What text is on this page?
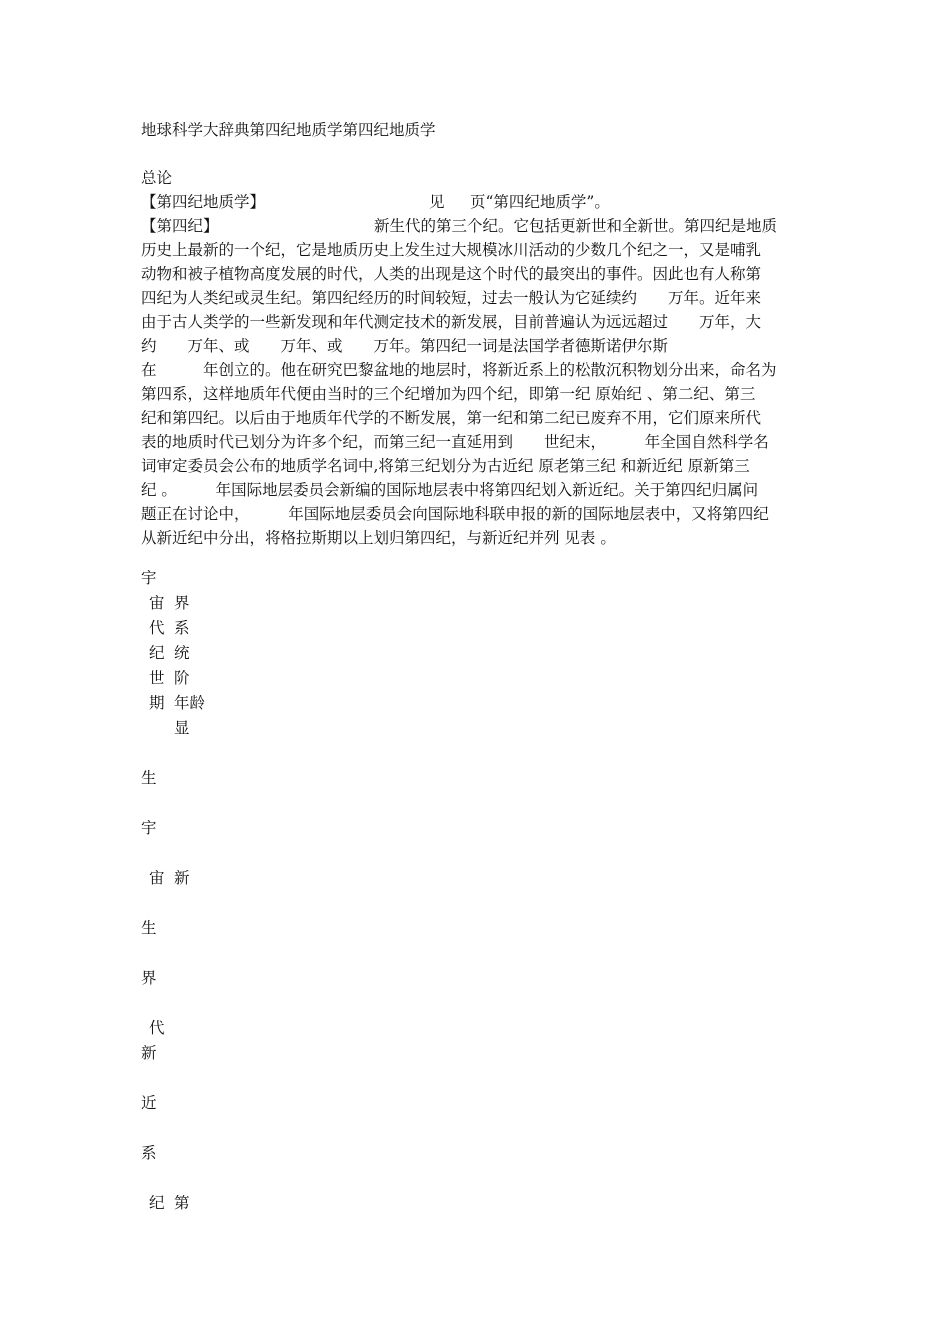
地球科学大辞典第四纪地质学第四纪地质学
总论
【第四纪地质学】	见 页“第四纪地质学”。
【第四纪】	新生代的第三个纪。它包括更新世和全新世。第四纪是地质
历史上最新的一个纪，它是地质历史上发生过大规模冰川活动的少数几个纪之一，又是哺乳
动物和被子植物高度发展的时代，人类的出现是这个时代的最突出的事件。因此也有人称第
四纪为人类纪或灵生纪。第四纪经历的时间较短，过去一般认为它延续约　　万年。近年来
由于古人类学的一些新发现和年代测定技术的新发展，目前普遍认为远远超过　　万年，大
约　　万年、或　　万年、或　　万年。第四纪一词是法国学者德斯诺伊尔斯
在　　　年创立的。他在研究巴黎盆地的地层时，将新近系上的松散沉积物划分出来，命名为
第四系，这样地质年代便由当时的三个纪增加为四个纪，即第一纪 原始纪 、第二纪、第三
纪和第四纪。以后由于地质年代学的不断发展，第一纪和第二纪已废弃不用，它们原来所代
表的地质时代已划分为许多个纪，而第三纪一直延用到　　世纪末，　　　年全国自然科学名
词审定委员会公布的地质学名词中,将第三纪划分为古近纪 原老第三纪 和新近纪 原新第三
纪 。　　　年国际地层委员会新编的国际地层表中将第四纪划入新近纪。关于第四纪归属问
题正在讨论中，　　　年国际地层委员会向国际地科联申报的新的国际地层表中，又将第四纪
从新近纪中分出，将格拉斯期以上划归第四纪，与新近纪并列 见表 。
宇
宙
代
纪
世
期
界
系
统
阶
年龄
显
生
宇
宙 新
生
界
代
新
近
系
纪 第
